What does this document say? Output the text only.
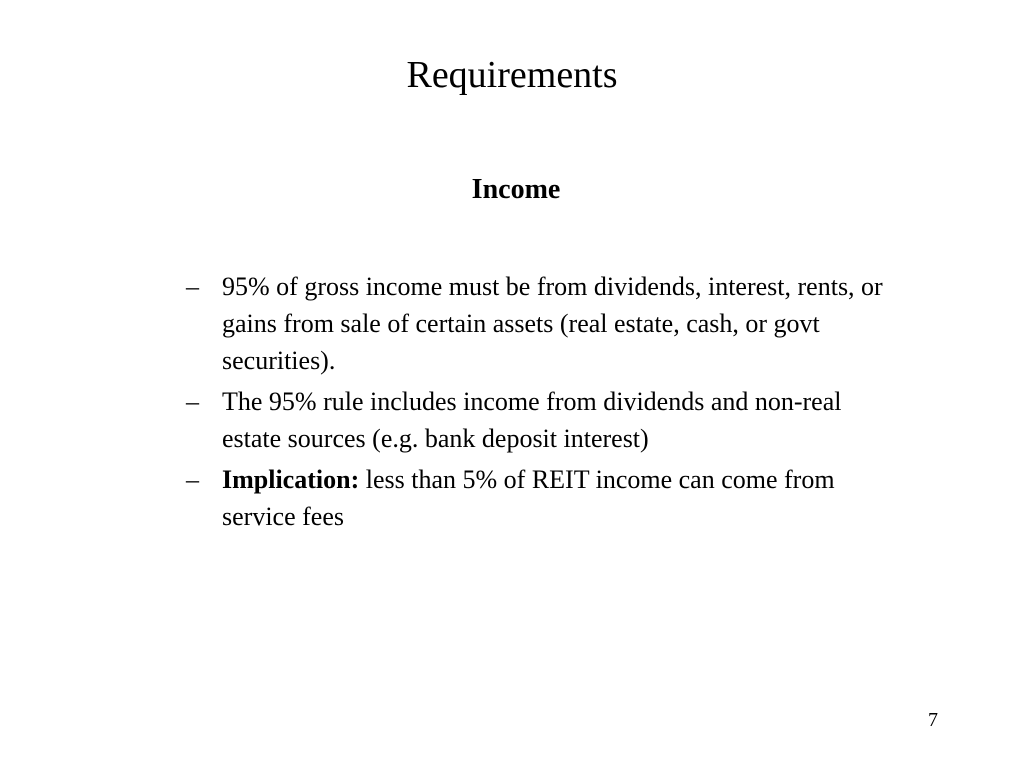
Requirements
Income
– 95% of gross income must be from dividends, interest, rents, or gains from sale of certain assets (real estate, cash, or govt securities).
– The 95% rule includes income from dividends and non-real estate sources (e.g. bank deposit interest)
– Implication: less than 5% of REIT income can come from service fees
7
